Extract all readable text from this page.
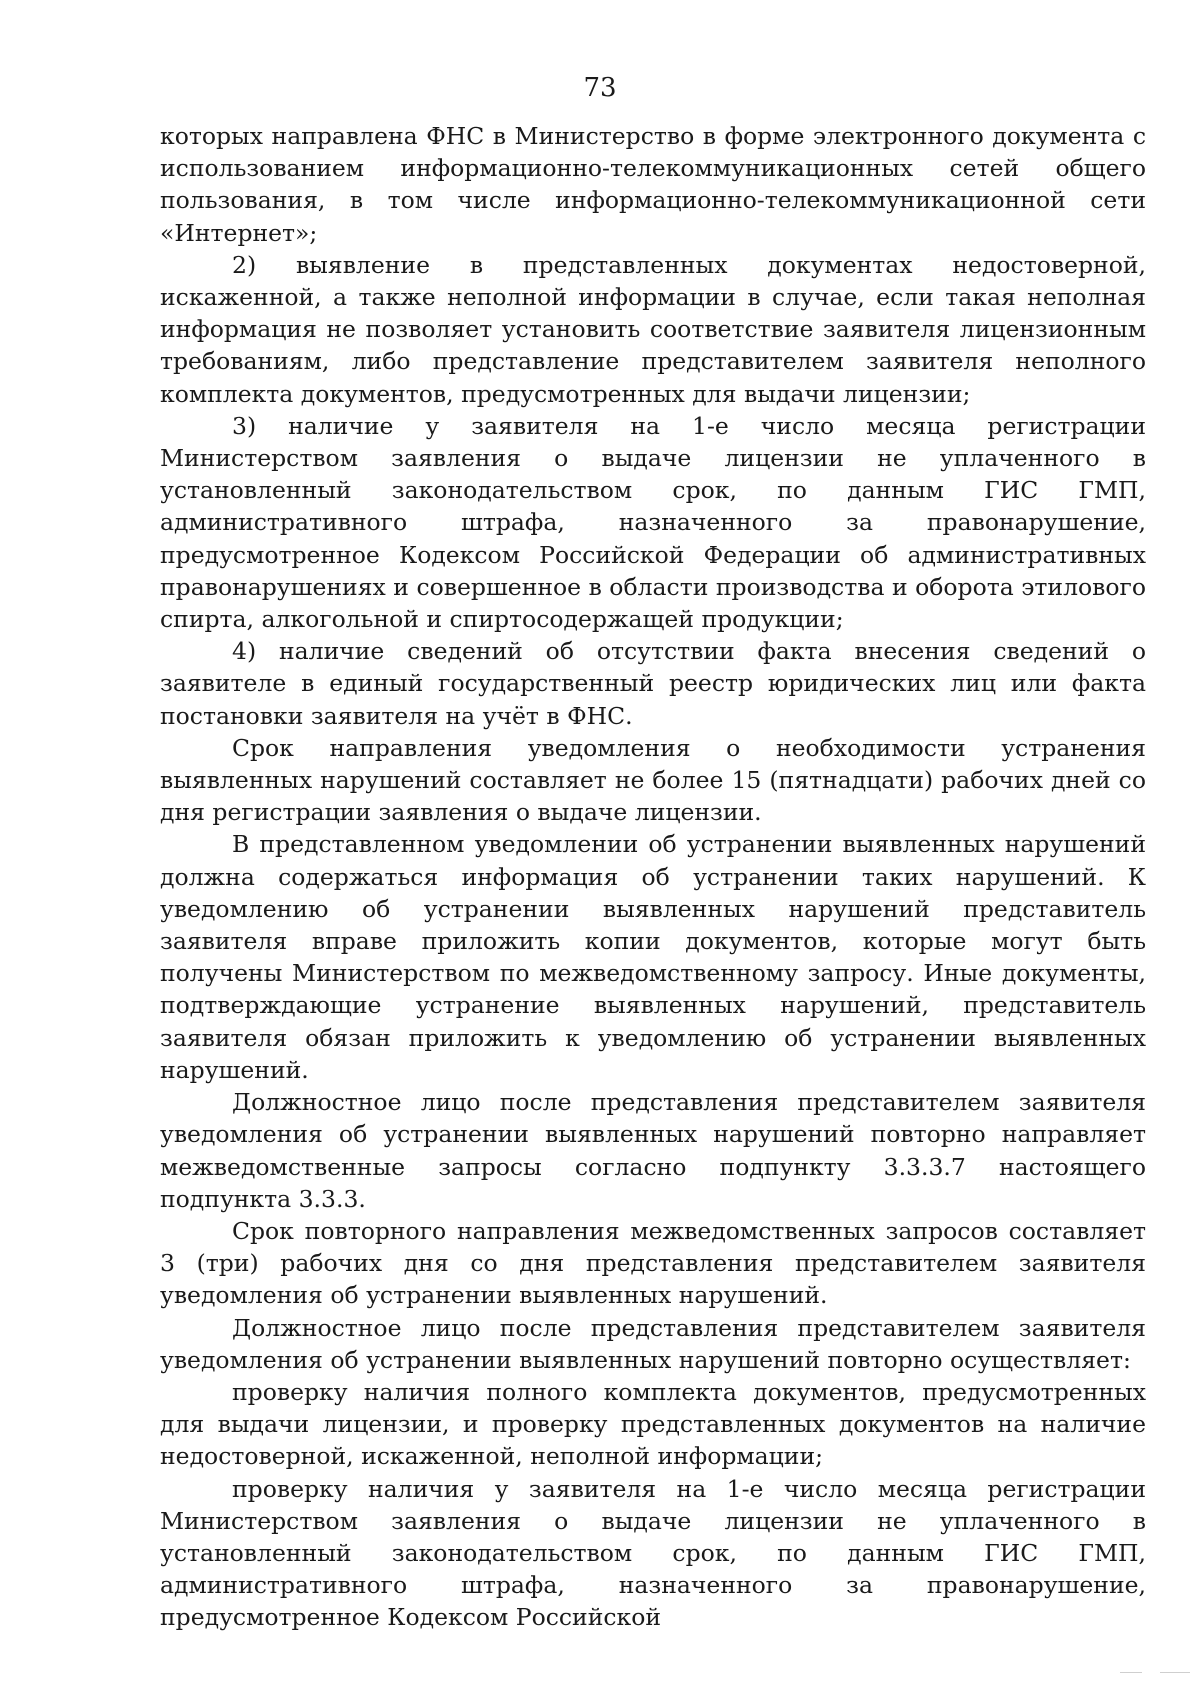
73

которых направлена ФНС в Министерство в форме электронного документа с использованием информационно-телекоммуникационных сетей общего пользования, в том числе информационно-телекоммуникационной сети «Интернет»;

2) выявление в представленных документах недостоверной, искаженной, а также неполной информации в случае, если такая неполная информация не позволяет установить соответствие заявителя лицензионным требованиям, либо представление представителем заявителя неполного комплекта документов, предусмотренных для выдачи лицензии;

3) наличие у заявителя на 1-е число месяца регистрации Министерством заявления о выдаче лицензии не уплаченного в установленный законодательством срок, по данным ГИС ГМП, административного штрафа, назначенного за правонарушение, предусмотренное Кодексом Российской Федерации об административных правонарушениях и совершенное в области производства и оборота этилового спирта, алкогольной и спиртосодержащей продукции;

4) наличие сведений об отсутствии факта внесения сведений о заявителе в единый государственный реестр юридических лиц или факта постановки заявителя на учёт в ФНС.

Срок направления уведомления о необходимости устранения выявленных нарушений составляет не более 15 (пятнадцати) рабочих дней со дня регистрации заявления о выдаче лицензии.

В представленном уведомлении об устранении выявленных нарушений должна содержаться информация об устранении таких нарушений. К уведомлению об устранении выявленных нарушений представитель заявителя вправе приложить копии документов, которые могут быть получены Министерством по межведомственному запросу. Иные документы, подтверждающие устранение выявленных нарушений, представитель заявителя обязан приложить к уведомлению об устранении выявленных нарушений.

Должностное лицо после представления представителем заявителя уведомления об устранении выявленных нарушений повторно направляет межведомственные запросы согласно подпункту 3.3.3.7 настоящего подпункта 3.3.3.

Срок повторного направления межведомственных запросов составляет 3 (три) рабочих дня со дня представления представителем заявителя уведомления об устранении выявленных нарушений.

Должностное лицо после представления представителем заявителя уведомления об устранении выявленных нарушений повторно осуществляет:

проверку наличия полного комплекта документов, предусмотренных для выдачи лицензии, и проверку представленных документов на наличие недостоверной, искаженной, неполной информации;

проверку наличия у заявителя на 1-е число месяца регистрации Министерством заявления о выдаче лицензии не уплаченного в установленный законодательством срок, по данным ГИС ГМП, административного штрафа, назначенного за правонарушение, предусмотренное Кодексом Российской
